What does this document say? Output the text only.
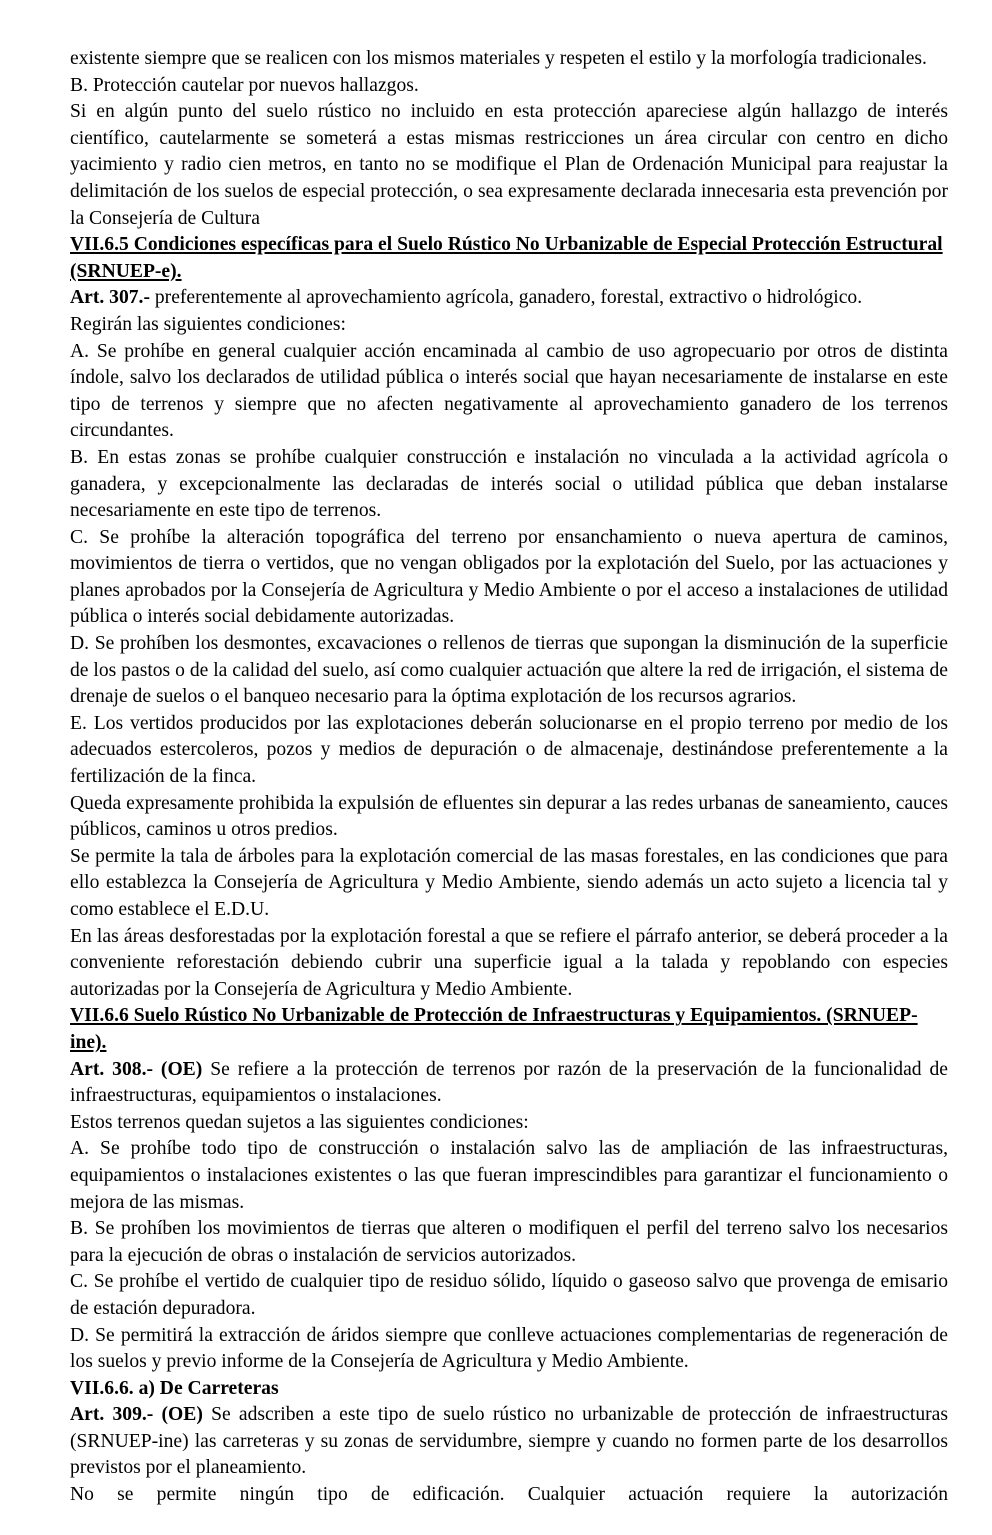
existente siempre que se realicen con los mismos materiales y respeten el estilo y la morfología tradicionales.

B. Protección cautelar por nuevos hallazgos.

Si en algún punto del suelo rústico no incluido en esta protección apareciese algún hallazgo de interés científico, cautelarmente se someterá a estas mismas restricciones un área circular con centro en dicho yacimiento y radio cien metros, en tanto no se modifique el Plan de Ordenación Municipal para reajustar la delimitación de los suelos de especial protección, o sea expresamente declarada innecesaria esta prevención por la Consejería de Cultura

VII.6.5 Condiciones específicas para el Suelo Rústico No Urbanizable de Especial Protección Estructural (SRNUEP-e).

Art. 307.- preferentemente al aprovechamiento agrícola, ganadero, forestal, extractivo o hidrológico.

Regirán las siguientes condiciones:

A. Se prohíbe en general cualquier acción encaminada al cambio de uso agropecuario por otros de distinta índole, salvo los declarados de utilidad pública o interés social que hayan necesariamente de instalarse en este tipo de terrenos y siempre que no afecten negativamente al aprovechamiento ganadero de los terrenos circundantes.

B. En estas zonas se prohíbe cualquier construcción e instalación no vinculada a la actividad agrícola o ganadera, y excepcionalmente las declaradas de interés social o utilidad pública que deban instalarse necesariamente en este tipo de terrenos.

C. Se prohíbe la alteración topográfica del terreno por ensanchamiento o nueva apertura de caminos, movimientos de tierra o vertidos, que no vengan obligados por la explotación del Suelo, por las actuaciones y planes aprobados por la Consejería de Agricultura y Medio Ambiente o por el acceso a instalaciones de utilidad pública o interés social debidamente autorizadas.

D. Se prohíben los desmontes, excavaciones o rellenos de tierras que supongan la disminución de la superficie de los pastos o de la calidad del suelo, así como cualquier actuación que altere la red de irrigación, el sistema de drenaje de suelos o el banqueo necesario para la óptima explotación de los recursos agrarios.

E. Los vertidos producidos por las explotaciones deberán solucionarse en el propio terreno por medio de los adecuados estercoleros, pozos y medios de depuración o de almacenaje, destinándose preferentemente a la fertilización de la finca.

Queda expresamente prohibida la expulsión de efluentes sin depurar a las redes urbanas de saneamiento, cauces públicos, caminos u otros predios.

Se permite la tala de árboles para la explotación comercial de las masas forestales, en las condiciones que para ello establezca la Consejería de Agricultura y Medio Ambiente, siendo además un acto sujeto a licencia tal y como establece el E.D.U.

En las áreas desforestadas por la explotación forestal a que se refiere el párrafo anterior, se deberá proceder a la conveniente reforestación debiendo cubrir una superficie igual a la talada y repoblando con especies autorizadas por la Consejería de Agricultura y Medio Ambiente.

VII.6.6 Suelo Rústico No Urbanizable de Protección de Infraestructuras y Equipamientos. (SRNUEP-ine).

Art. 308.- (OE) Se refiere a la protección de terrenos por razón de la preservación de la funcionalidad de infraestructuras, equipamientos o instalaciones.

Estos terrenos quedan sujetos a las siguientes condiciones:

A. Se prohíbe todo tipo de construcción o instalación salvo las de ampliación de las infraestructuras, equipamientos o instalaciones existentes o las que fueran imprescindibles para garantizar el funcionamiento o mejora de las mismas.

B. Se prohíben los movimientos de tierras que alteren o modifiquen el perfil del terreno salvo los necesarios para la ejecución de obras o instalación de servicios autorizados.

C. Se prohíbe el vertido de cualquier tipo de residuo sólido, líquido o gaseoso salvo que provenga de emisario de estación depuradora.

D. Se permitirá la extracción de áridos siempre que conlleve actuaciones complementarias de regeneración de los suelos y previo informe de la Consejería de Agricultura y Medio Ambiente.

VII.6.6. a) De Carreteras

Art. 309.- (OE) Se adscriben a este tipo de suelo rústico no urbanizable de protección de infraestructuras (SRNUEP-ine) las carreteras y su zonas de servidumbre, siempre y cuando no formen parte de los desarrollos previstos por el planeamiento.

No se permite ningún tipo de edificación. Cualquier actuación requiere la autorización
